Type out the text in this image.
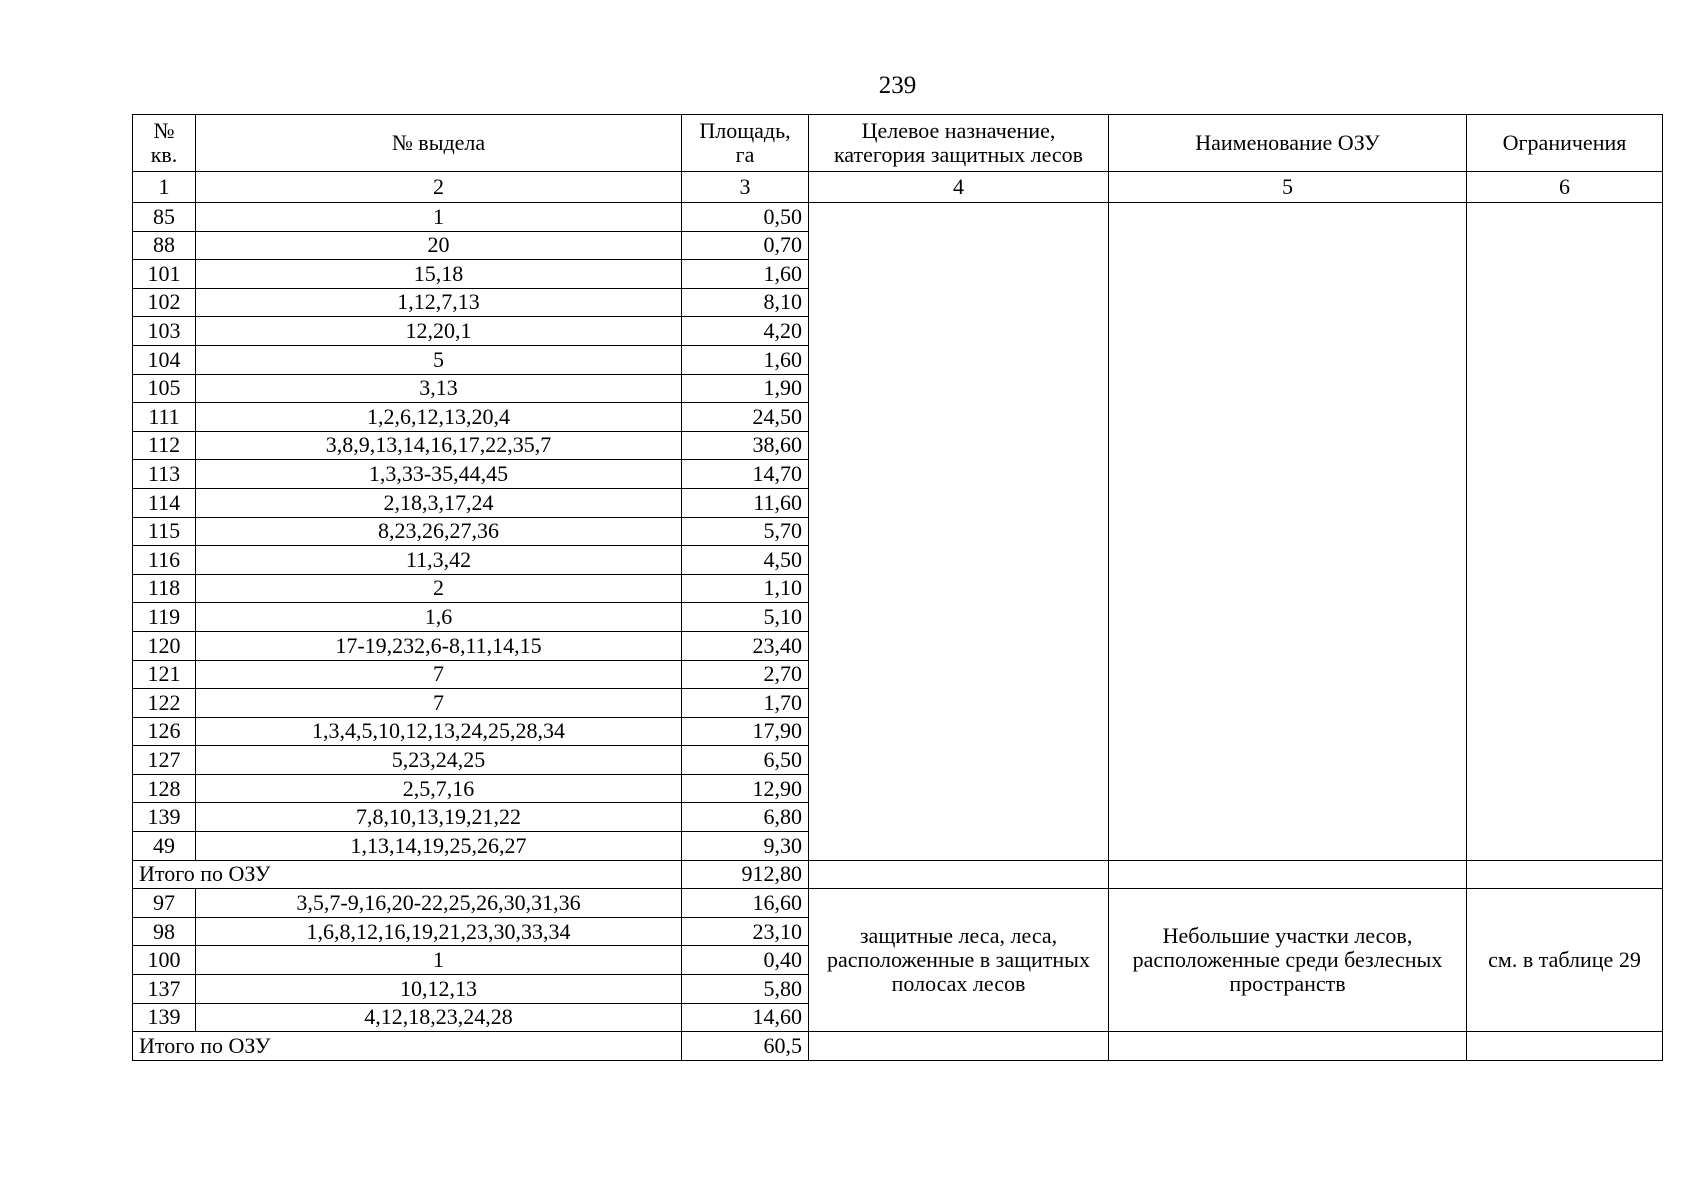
239
№ кв.	№ выдела	Площадь, га	Целевое назначение, категория защитных лесов	Наименование ОЗУ	Ограничения
1	2	3	4	5	6
85	1	0,50			
88	20	0,70			
101	15,18	1,60			
102	1,12,7,13	8,10			
103	12,20,1	4,20			
104	5	1,60			
105	3,13	1,90			
111	1,2,6,12,13,20,4	24,50			
112	3,8,9,13,14,16,17,22,35,7	38,60			
113	1,3,33-35,44,45	14,70			
114	2,18,3,17,24	11,60			
115	8,23,26,27,36	5,70			
116	11,3,42	4,50			
118	2	1,10			
119	1,6	5,10			
120	17-19,232,6-8,11,14,15	23,40			
121	7	2,70			
122	7	1,70			
126	1,3,4,5,10,12,13,24,25,28,34	17,90			
127	5,23,24,25	6,50			
128	2,5,7,16	12,90			
139	7,8,10,13,19,21,22	6,80			
49	1,13,14,19,25,26,27	9,30			
Итого по ОЗУ		912,80			
97	3,5,7-9,16,20-22,25,26,30,31,36	16,60	защитные леса, леса, расположенные в защитных полосах лесов	Небольшие участки лесов, расположенные среди безлесных пространств	см. в таблице 29
98	1,6,8,12,16,19,21,23,30,33,34	23,10			
100	1	0,40			
137	10,12,13	5,80			
139	4,12,18,23,24,28	14,60			
Итого по ОЗУ		60,5			
